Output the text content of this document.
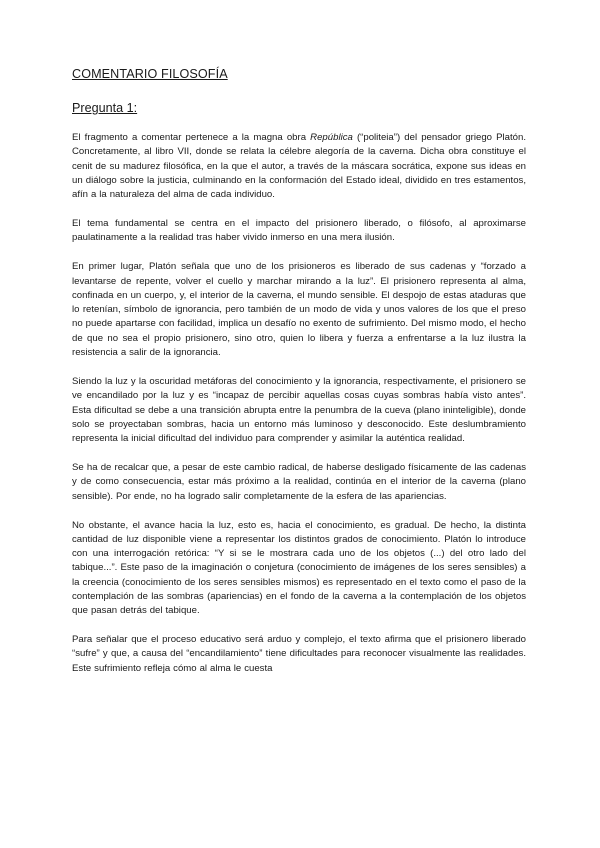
COMENTARIO FILOSOFÍA
Pregunta 1:

El fragmento a comentar pertenece a la magna obra República (“politeia”) del pensador griego Platón. Concretamente, al libro VII, donde se relata la célebre alegoría de la caverna. Dicha obra constituye el cenit de su madurez filosófica, en la que el autor, a través de la máscara socrática, expone sus ideas en un diálogo sobre la justicia, culminando en la conformación del Estado ideal, dividido en tres estamentos, afín a la naturaleza del alma de cada individuo.

El tema fundamental se centra en el impacto del prisionero liberado, o filósofo, al aproximarse paulatinamente a la realidad tras haber vivido inmerso en una mera ilusión.

En primer lugar, Platón señala que uno de los prisioneros es liberado de sus cadenas y “forzado a levantarse de repente, volver el cuello y marchar mirando a la luz”. El prisionero representa al alma, confinada en un cuerpo, y, el interior de la caverna, el mundo sensible. El despojo de estas ataduras que lo retenían, símbolo de ignorancia, pero también de un modo de vida y unos valores de los que el preso no puede apartarse con facilidad, implica un desafío no exento de sufrimiento. Del mismo modo, el hecho de que no sea el propio prisionero, sino otro, quien lo libera y fuerza a enfrentarse a la luz ilustra la resistencia a salir de la ignorancia.

Siendo la luz y la oscuridad metáforas del conocimiento y la ignorancia, respectivamente, el prisionero se ve encandilado por la luz y es “incapaz de percibir aquellas cosas cuyas sombras había visto antes”. Esta dificultad se debe a una transición abrupta entre la penumbra de la cueva (plano ininteligible), donde solo se proyectaban sombras, hacia un entorno más luminoso y desconocido. Este deslumbramiento representa la inicial dificultad del individuo para comprender y asimilar la auténtica realidad.

Se ha de recalcar que, a pesar de este cambio radical, de haberse desligado físicamente de las cadenas y de como consecuencia, estar más próximo a la realidad, continúa en el interior de la caverna (plano sensible). Por ende, no ha logrado salir completamente de la esfera de las apariencias.

No obstante, el avance hacia la luz, esto es, hacia el conocimiento, es gradual. De hecho, la distinta cantidad de luz disponible viene a representar los distintos grados de conocimiento. Platón lo introduce con una interrogación retórica: “Y si se le mostrara cada uno de los objetos (...) del otro lado del tabique...”. Este paso de la imaginación o conjetura (conocimiento de imágenes de los seres sensibles) a la creencia (conocimiento de los seres sensibles mismos) es representado en el texto como el paso de la contemplación de las sombras (apariencias) en el fondo de la caverna a la contemplación de los objetos que pasan detrás del tabique.

Para señalar que el proceso educativo será arduo y complejo, el texto afirma que el prisionero liberado “sufre” y que, a causa del “encandilamiento” tiene dificultades para reconocer visualmente las realidades. Este sufrimiento refleja cómo al alma le cuesta
